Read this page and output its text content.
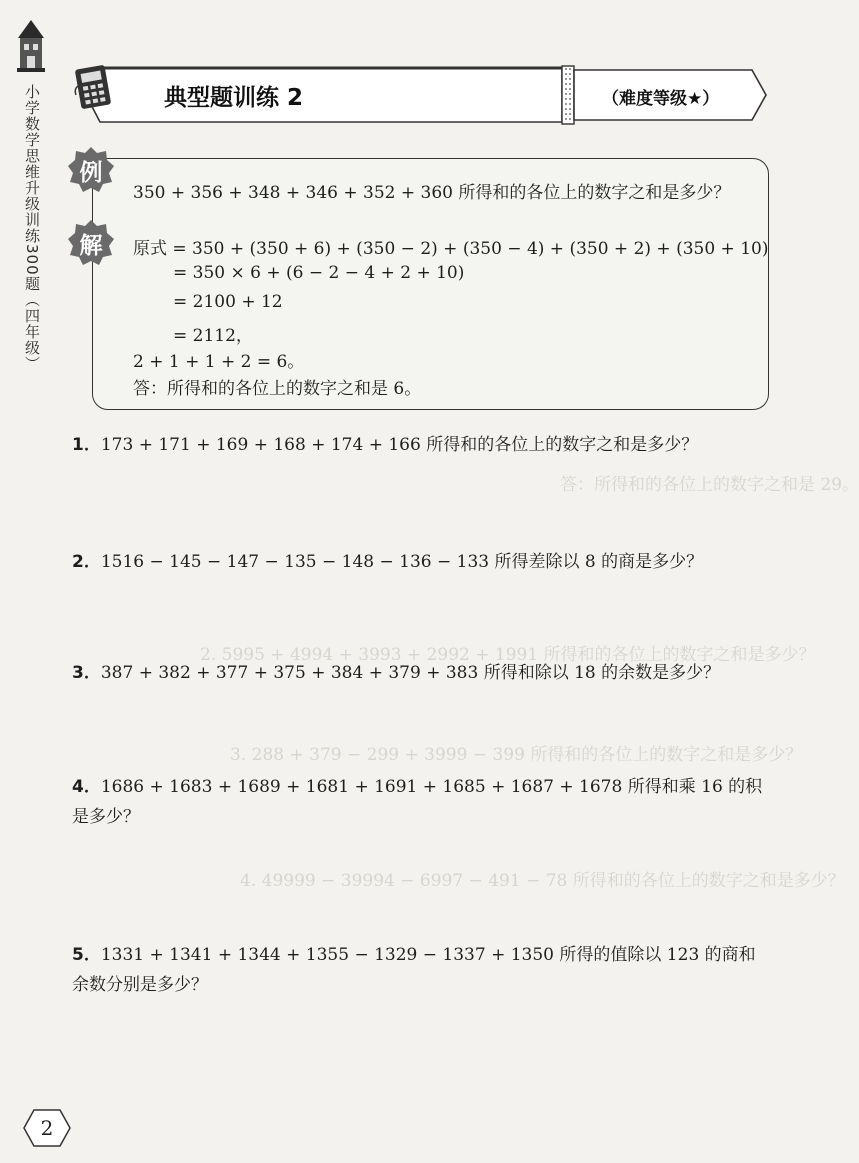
答：所得和的各位上的数字之和是 29。
2. 5995 + 4994 + 3993 + 2992 + 1991 所得和的各位上的数字之和是多少？
3. 288 + 379 − 299 + 3999 − 399 所得和的各位上的数字之和是多少？
4. 49999 − 39994 − 6997 − 491 − 78 所得和的各位上的数字之和是多少？
小学数学思维升级训练300题（四年级）	典型题训练 2	（难度等级★）
例
解
350 + 356 + 348 + 346 + 352 + 360 所得和的各位上的数字之和是多少？
原式 = 350 + (350 + 6) + (350 − 2) + (350 − 4) + (350 + 2) + (350 + 10)
= 350 × 6 + (6 − 2 − 4 + 2 + 10)
= 2100 + 12
= 2112，
2 + 1 + 1 + 2 = 6。
答：所得和的各位上的数字之和是 6。
1．173 + 171 + 169 + 168 + 174 + 166 所得和的各位上的数字之和是多少？
2．1516 − 145 − 147 − 135 − 148 − 136 − 133 所得差除以 8 的商是多少？
3．387 + 382 + 377 + 375 + 384 + 379 + 383 所得和除以 18 的余数是多少？
4．1686 + 1683 + 1689 + 1681 + 1691 + 1685 + 1687 + 1678 所得和乘 16 的积是多少？
5．1331 + 1341 + 1344 + 1355 − 1329 − 1337 + 1350 所得的值除以 123 的商和余数分别是多少？
2
